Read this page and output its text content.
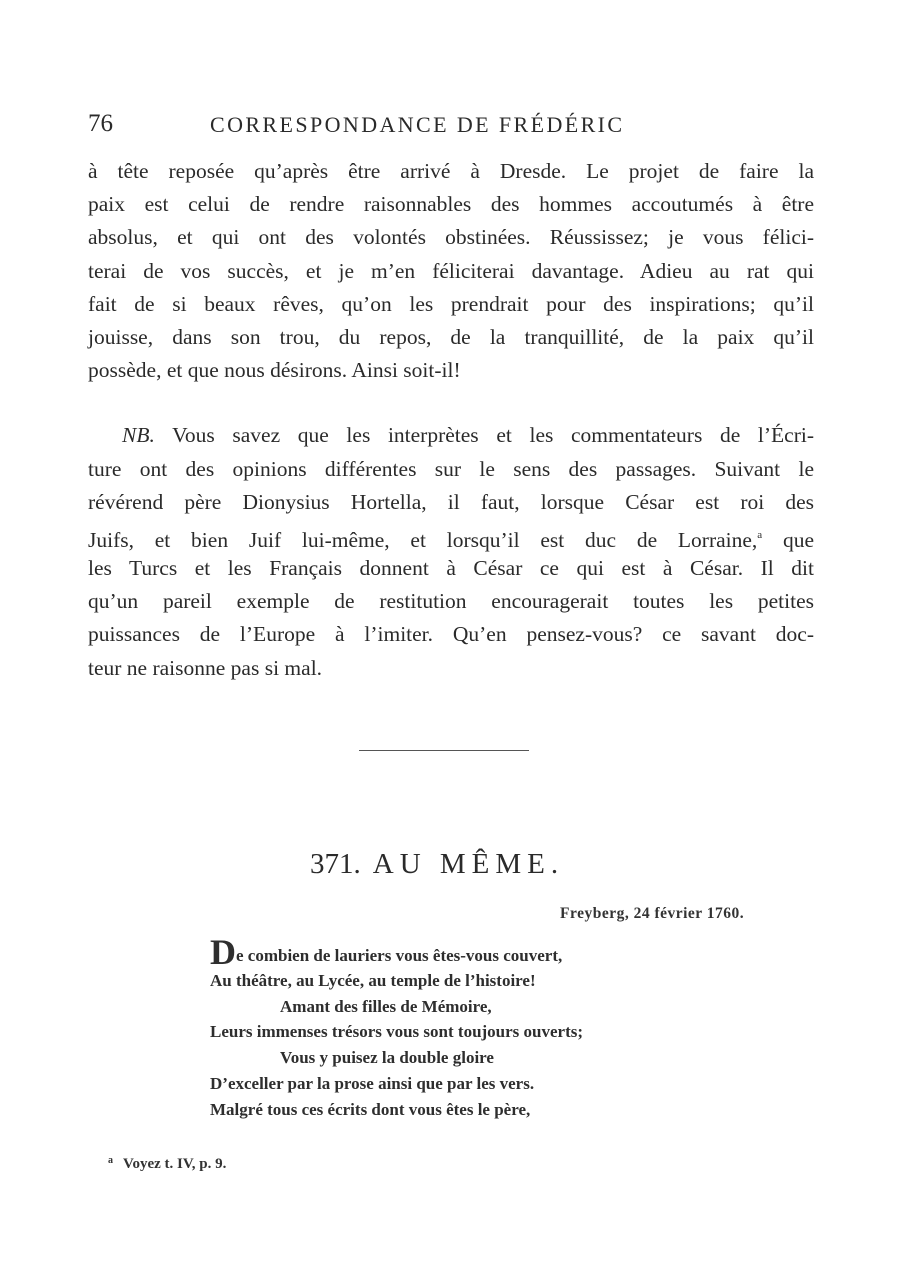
76	CORRESPONDANCE DE FRÉDÉRIC
à tête reposée qu’après être arrivé à Dresde. Le projet de faire la
paix est celui de rendre raisonnables des hommes accoutumés à être
absolus, et qui ont des volontés obstinées. Réussissez; je vous félici-
terai de vos succès, et je m’en féliciterai davantage. Adieu au rat qui
fait de si beaux rêves, qu’on les prendrait pour des inspirations; qu’il
jouisse, dans son trou, du repos, de la tranquillité, de la paix qu’il
possède, et que nous désirons. Ainsi soit-il!
NB. Vous savez que les interprètes et les commentateurs de l’Écri-
ture ont des opinions différentes sur le sens des passages. Suivant le
révérend père Dionysius Hortella, il faut, lorsque César est roi des
Juifs, et bien Juif lui-même, et lorsqu’il est duc de Lorraine,$^a$ que
les Turcs et les Français donnent à César ce qui est à César. Il dit
qu’un pareil exemple de restitution encouragerait toutes les petites
puissances de l’Europe à l’imiter. Qu’en pensez-vous? ce savant doc-
teur ne raisonne pas si mal.
371. AU MÊME.
Freyberg, 24 février 1760.
De combien de lauriers vous êtes-vous couvert,
Au théâtre, au Lycée, au temple de l’histoire!
Amant des filles de Mémoire,
Leurs immenses trésors vous sont toujours ouverts;
Vous y puisez la double gloire
D’exceller par la prose ainsi que par les vers.
Malgré tous ces écrits dont vous êtes le père,
$^a$ Voyez t. IV, p. 9.
